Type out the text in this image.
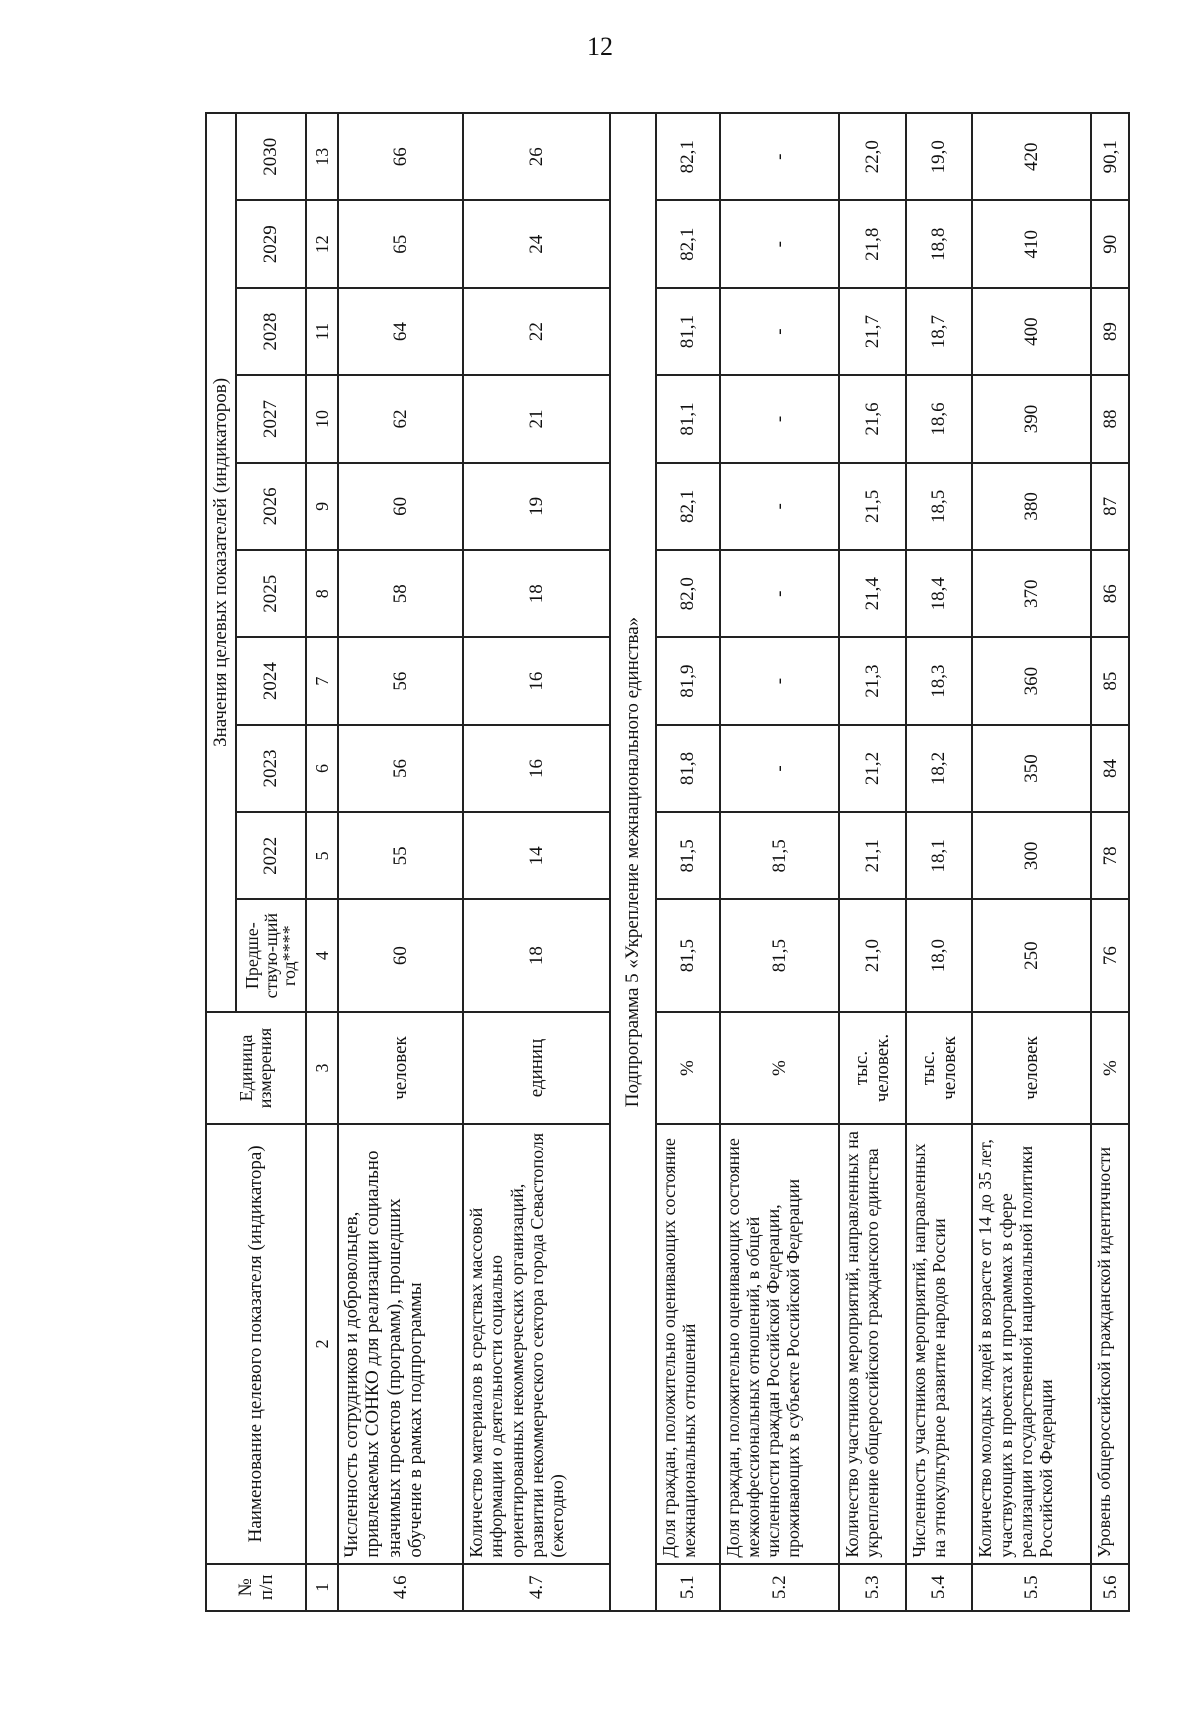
12
№
п/п	Наименование целевого показателя (индикатора)	Единица измерения	Значения целевых показателей (индикаторов)									
			Предше-ствую-щий год****	2022	2023	2024	2025	2026	2027	2028	2029	2030
1	2	3	4	5	6	7	8	9	10	11	12	13
4.6	Численность сотрудников и добровольцев, привлекаемых СОНКО для реализации социально значимых проектов (программ), прошедших обучение в рамках подпрограммы	человек	60	55	56	56	58	60	62	64	65	66
4.7	Количество материалов в средствах массовой информации о деятельности социально ориентированных некоммерческих организаций, развитии некоммерческого сектора города Севастополя (ежегодно)	единиц	18	14	16	16	18	19	21	22	24	26
Подпрограмма 5 «Укрепление межнационального единства»												
5.1	Доля граждан, положительно оценивающих состояние межнациональных отношений	%	81,5	81,5	81,8	81,9	82,0	82,1	81,1	81,1	82,1	82,1
5.2	Доля граждан, положительно оценивающих состояние межконфессиональных отношений, в общей численности граждан Российской Федерации, проживающих в субъекте Российской Федерации	%	81,5	81,5	-	-	-	-	-	-	-	-
5.3	Количество участников мероприятий, направленных на укрепление общероссийского гражданского единства	тыс. человек.	21,0	21,1	21,2	21,3	21,4	21,5	21,6	21,7	21,8	22,0
5.4	Численность участников мероприятий, направленных на этнокультурное развитие народов России	тыс. человек	18,0	18,1	18,2	18,3	18,4	18,5	18,6	18,7	18,8	19,0
5.5	Количество молодых людей в возрасте от 14 до 35 лет, участвующих в проектах и программах в сфере реализации государственной национальной политики Российской Федерации	человек	250	300	350	360	370	380	390	400	410	420
5.6	Уровень общероссийской гражданской идентичности	%	76	78	84	85	86	87	88	89	90	90,1
